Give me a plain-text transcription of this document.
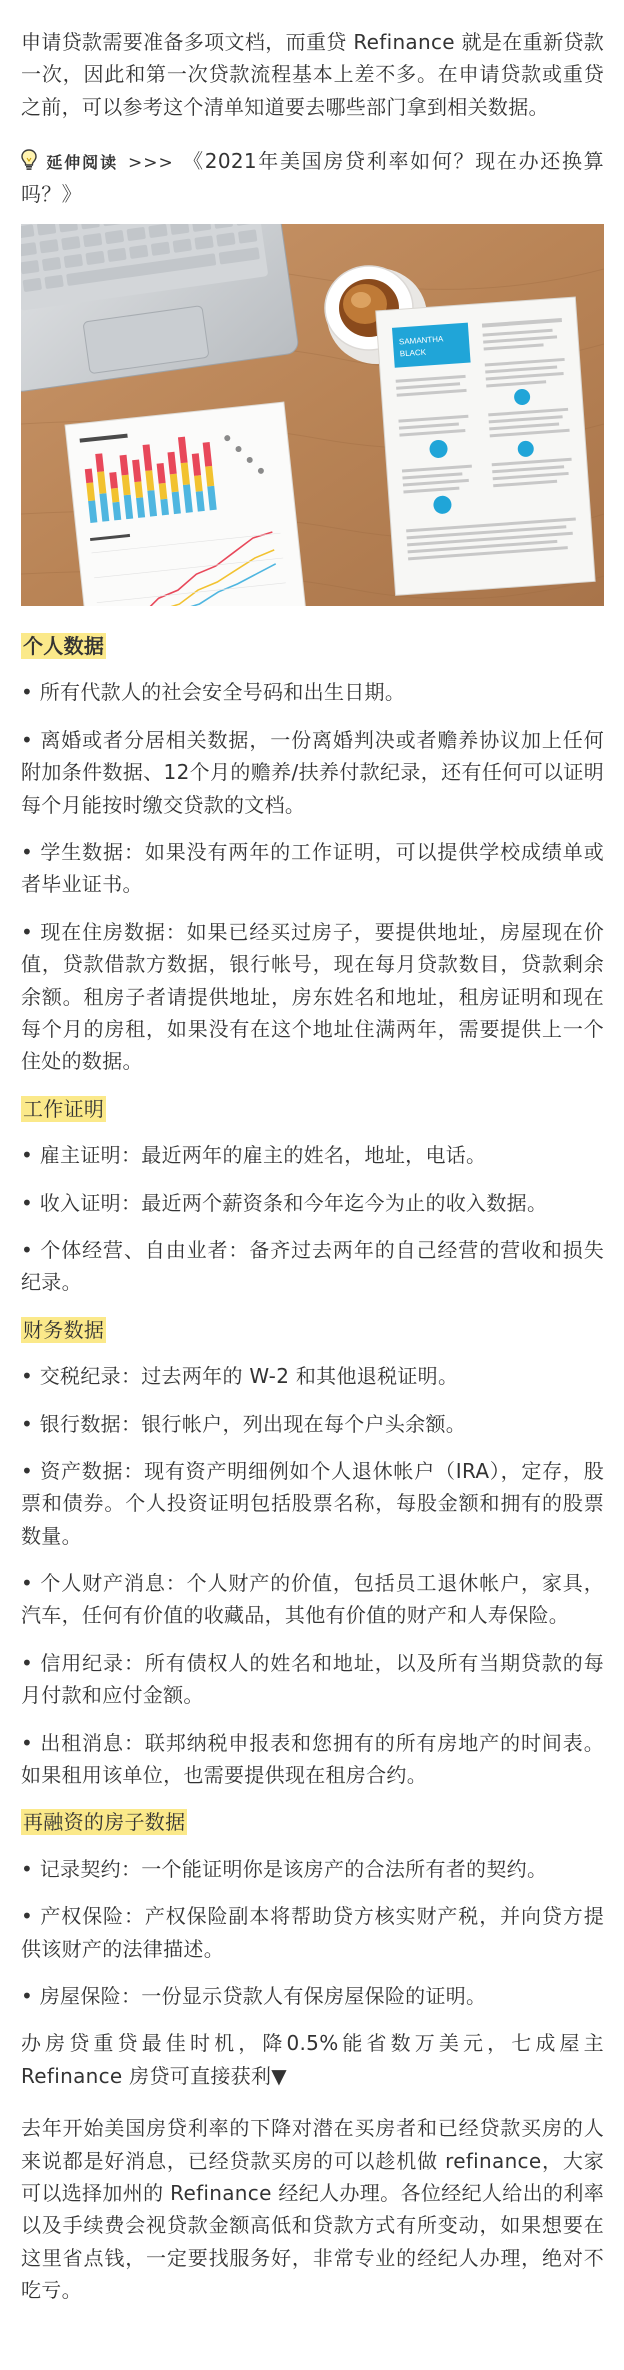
申请贷款需要准备多项文档，而重贷 Refinance 就是在重新贷款一次，因此和第一次贷款流程基本上差不多。在申请贷款或重贷之前，可以参考这个清单知道要去哪些部门拿到相关数据。

延伸阅读 >>> 《2021年美国房贷利率如何？现在办还换算吗？》

SAMANTHA
BLACK

个人数据

• 所有代款人的社会安全号码和出生日期。

• 离婚或者分居相关数据，一份离婚判决或者赡养协议加上任何附加条件数据、12个月的赡养/扶养付款纪录，还有任何可以证明每个月能按时缴交贷款的文档。

• 学生数据：如果没有两年的工作证明，可以提供学校成绩单或者毕业证书。

• 现在住房数据：如果已经买过房子，要提供地址，房屋现在价值，贷款借款方数据，银行帐号，现在每月贷款数目，贷款剩余余额。租房子者请提供地址，房东姓名和地址，租房证明和现在每个月的房租，如果没有在这个地址住满两年，需要提供上一个住处的数据。

工作证明

• 雇主证明：最近两年的雇主的姓名，地址，电话。

• 收入证明：最近两个薪资条和今年迄今为止的收入数据。

• 个体经营、自由业者：备齐过去两年的自己经营的营收和损失纪录。

财务数据

• 交税纪录：过去两年的 W-2 和其他退税证明。

• 银行数据：银行帐户，列出现在每个户头余额。

• 资产数据：现有资产明细例如个人退休帐户（IRA），定存，股票和债券。个人投资证明包括股票名称，每股金额和拥有的股票数量。

• 个人财产消息：个人财产的价值，包括员工退休帐户，家具，汽车，任何有价值的收藏品，其他有价值的财产和人寿保险。

• 信用纪录：所有债权人的姓名和地址，以及所有当期贷款的每月付款和应付金额。

• 出租消息：联邦纳税申报表和您拥有的所有房地产的时间表。如果租用该单位，也需要提供现在租房合约。

再融资的房子数据

• 记录契约：一个能证明你是该房产的合法所有者的契约。

• 产权保险：产权保险副本将帮助贷方核实财产税，并向贷方提供该财产的法律描述。

• 房屋保险：一份显示贷款人有保房屋保险的证明。

办房贷重贷最佳时机，降0.5%能省数万美元，七成屋主 Refinance 房贷可直接获利▼

去年开始美国房贷利率的下降对潜在买房者和已经贷款买房的人来说都是好消息，已经贷款买房的可以趁机做 refinance，大家可以选择加州的 Refinance 经纪人办理。各位经纪人给出的利率以及手续费会视贷款金额高低和贷款方式有所变动，如果想要在这里省点钱，一定要找服务好，非常专业的经纪人办理，绝对不吃亏。
